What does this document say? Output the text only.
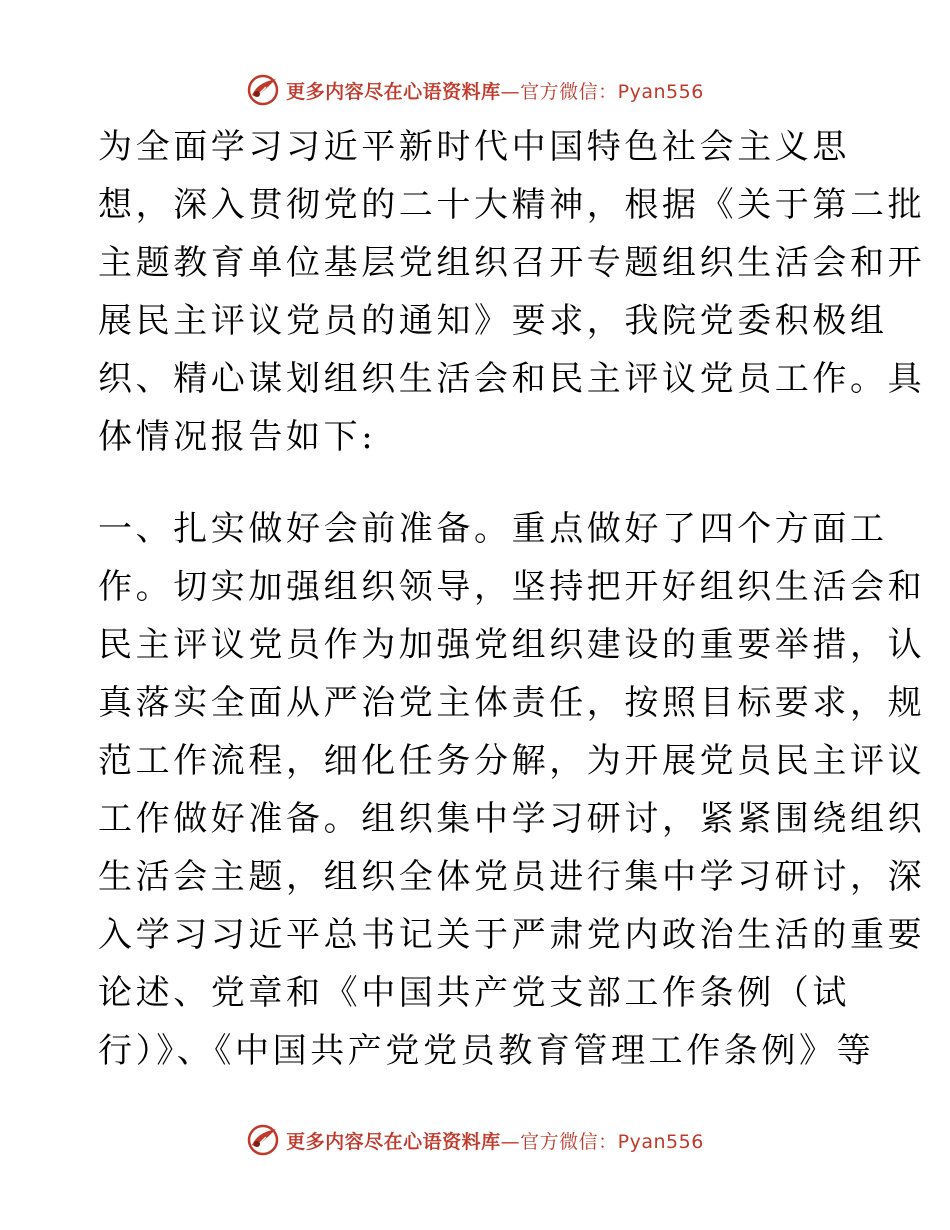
更多内容尽在心语资料库—官方微信：Pyan556
为全面学习习近平新时代中国特色社会主义思
想，深入贯彻党的二十大精神，根据《关于第二批
主题教育单位基层党组织召开专题组织生活会和开
展民主评议党员的通知》要求，我院党委积极组
织、精心谋划组织生活会和民主评议党员工作。具
体情况报告如下:
一、扎实做好会前准备。重点做好了四个方面工
作。切实加强组织领导，坚持把开好组织生活会和
民主评议党员作为加强党组织建设的重要举措，认
真落实全面从严治党主体责任，按照目标要求，规
范工作流程，细化任务分解，为开展党员民主评议
工作做好准备。组织集中学习研讨，紧紧围绕组织
生活会主题，组织全体党员进行集中学习研讨，深
入学习习近平总书记关于严肃党内政治生活的重要
论述、党章和《中国共产党支部工作条例（试
行）》、《中国共产党党员教育管理工作条例》等
更多内容尽在心语资料库—官方微信：Pyan556
